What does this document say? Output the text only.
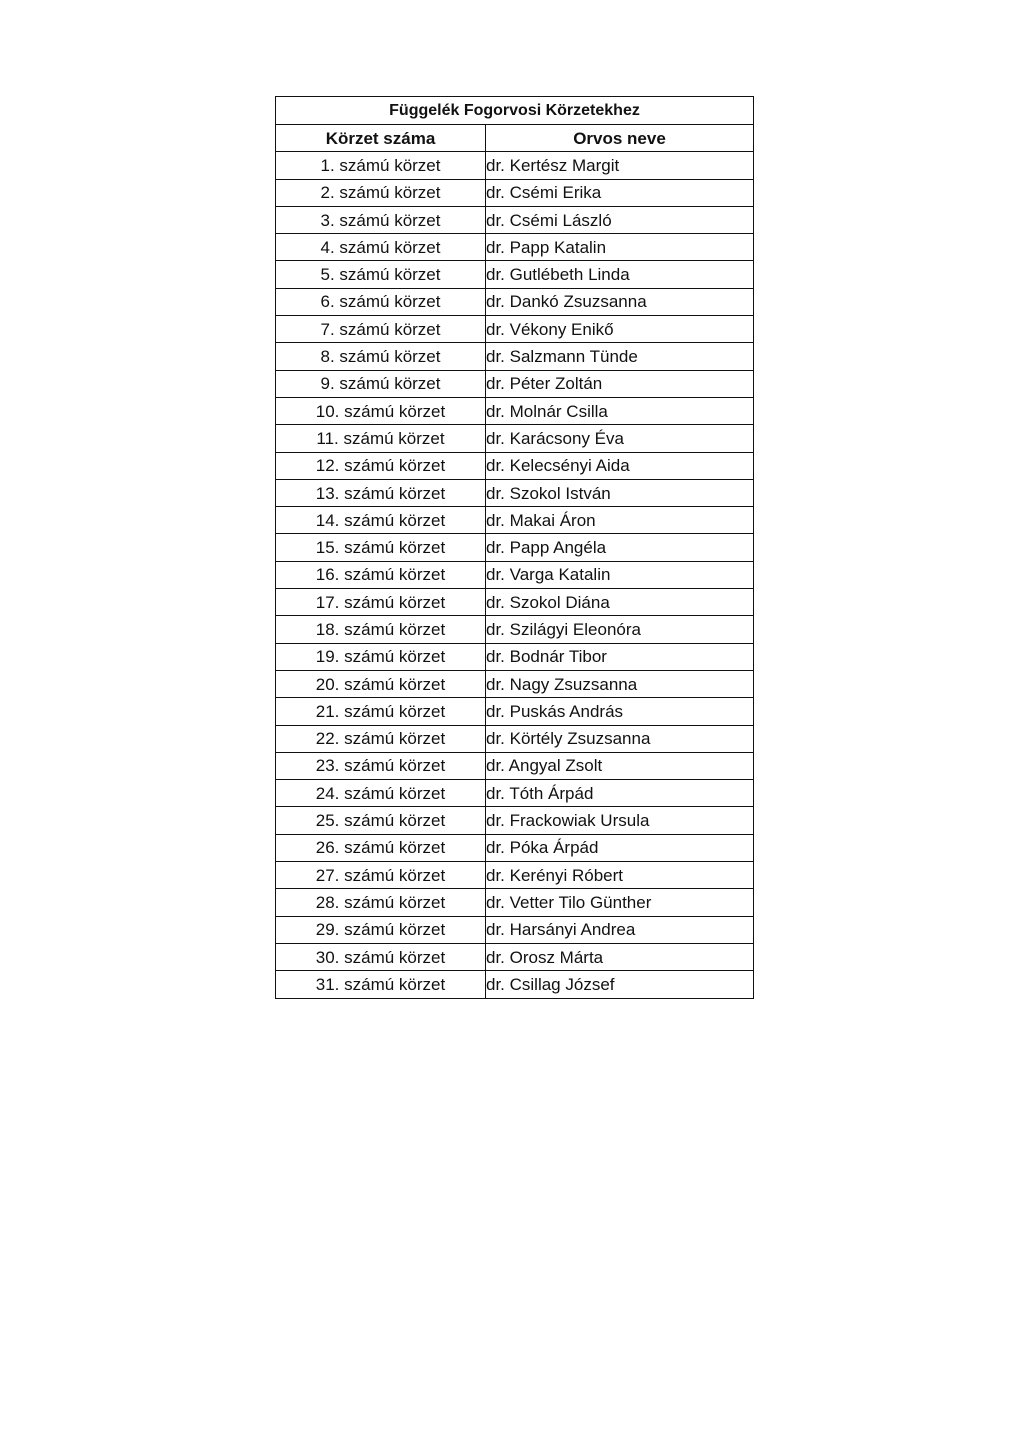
Függelék Fogorvosi Körzetekhez	
Körzet száma	Orvos neve
1. számú körzet	dr. Kertész Margit
2. számú körzet	dr. Csémi Erika
3. számú körzet	dr. Csémi László
4. számú körzet	dr. Papp Katalin
5. számú körzet	dr. Gutlébeth Linda
6. számú körzet	dr. Dankó Zsuzsanna
7. számú körzet	dr. Vékony Enikő
8. számú körzet	dr. Salzmann Tünde
9. számú körzet	dr. Péter Zoltán
10. számú körzet	dr. Molnár Csilla
11. számú körzet	dr. Karácsony Éva
12. számú körzet	dr. Kelecsényi Aida
13. számú körzet	dr. Szokol István
14. számú körzet	dr. Makai Áron
15. számú körzet	dr. Papp Angéla
16. számú körzet	dr. Varga Katalin
17. számú körzet	dr. Szokol Diána
18. számú körzet	dr. Szilágyi Eleonóra
19. számú körzet	dr. Bodnár Tibor
20. számú körzet	dr. Nagy Zsuzsanna
21. számú körzet	dr. Puskás András
22. számú körzet	dr. Körtély Zsuzsanna
23. számú körzet	dr. Angyal Zsolt
24. számú körzet	dr. Tóth Árpád
25. számú körzet	dr. Frackowiak Ursula
26. számú körzet	dr. Póka Árpád
27. számú körzet	dr. Kerényi Róbert
28. számú körzet	dr. Vetter Tilo Günther
29. számú körzet	dr. Harsányi Andrea
30. számú körzet	dr. Orosz Márta
31. számú körzet	dr. Csillag József
